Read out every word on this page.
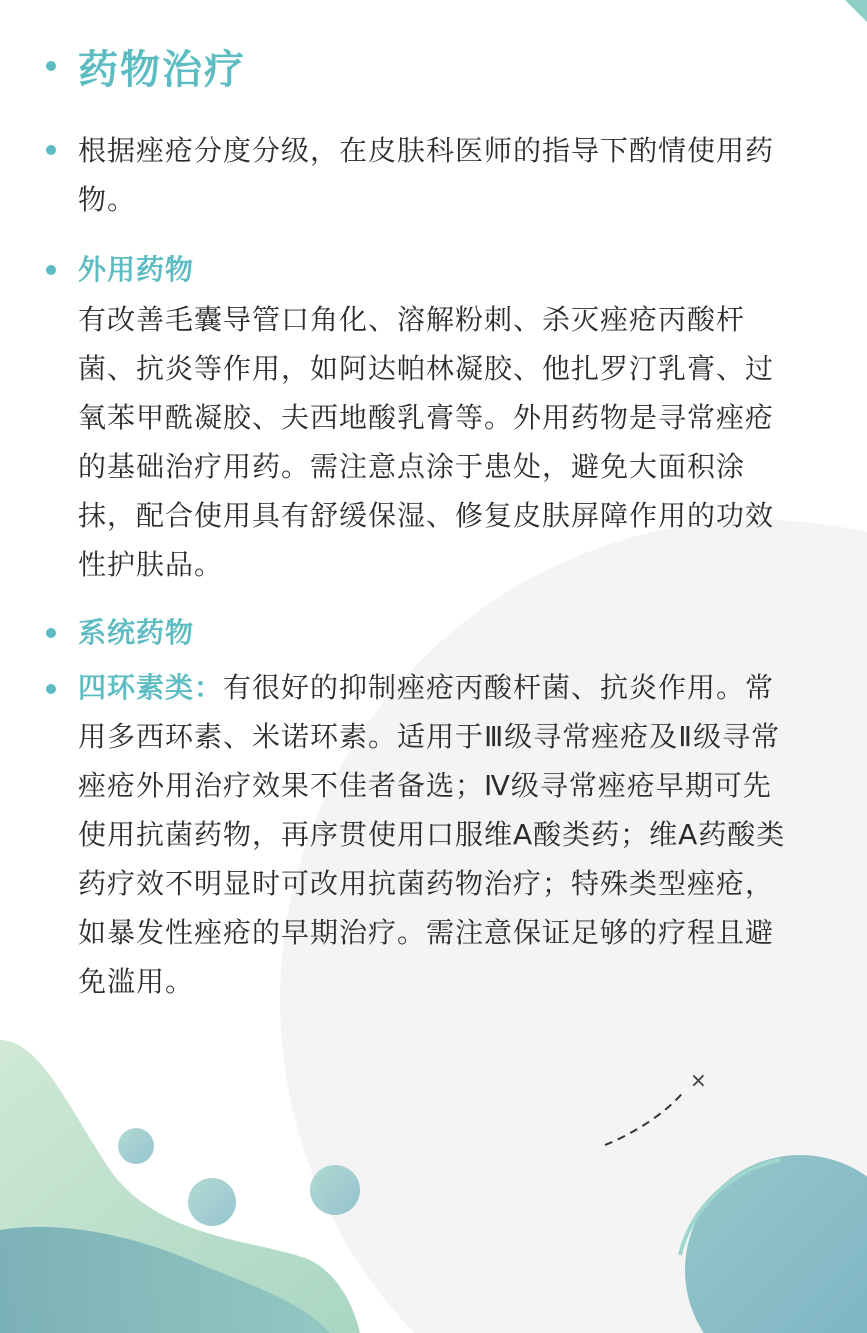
药物治疗

根据痤疮分度分级，在皮肤科医师的指导下酌情使用药物。

外用药物

有改善毛囊导管口角化、溶解粉刺、杀灭痤疮丙酸杆菌、抗炎等作用，如阿达帕林凝胶、他扎罗汀乳膏、过氧苯甲酰凝胶、夫西地酸乳膏等。外用药物是寻常痤疮的基础治疗用药。需注意点涂于患处，避免大面积涂抹，配合使用具有舒缓保湿、修复皮肤屏障作用的功效性护肤品。

系统药物

四环素类：有很好的抑制痤疮丙酸杆菌、抗炎作用。常用多西环素、米诺环素。适用于Ⅲ级寻常痤疮及Ⅱ级寻常痤疮外用治疗效果不佳者备选；Ⅳ级寻常痤疮早期可先使用抗菌药物，再序贯使用口服维A酸类药；维A药酸类药疗效不明显时可改用抗菌药物治疗；特殊类型痤疮，如暴发性痤疮的早期治疗。需注意保证足够的疗程且避免滥用。

×
